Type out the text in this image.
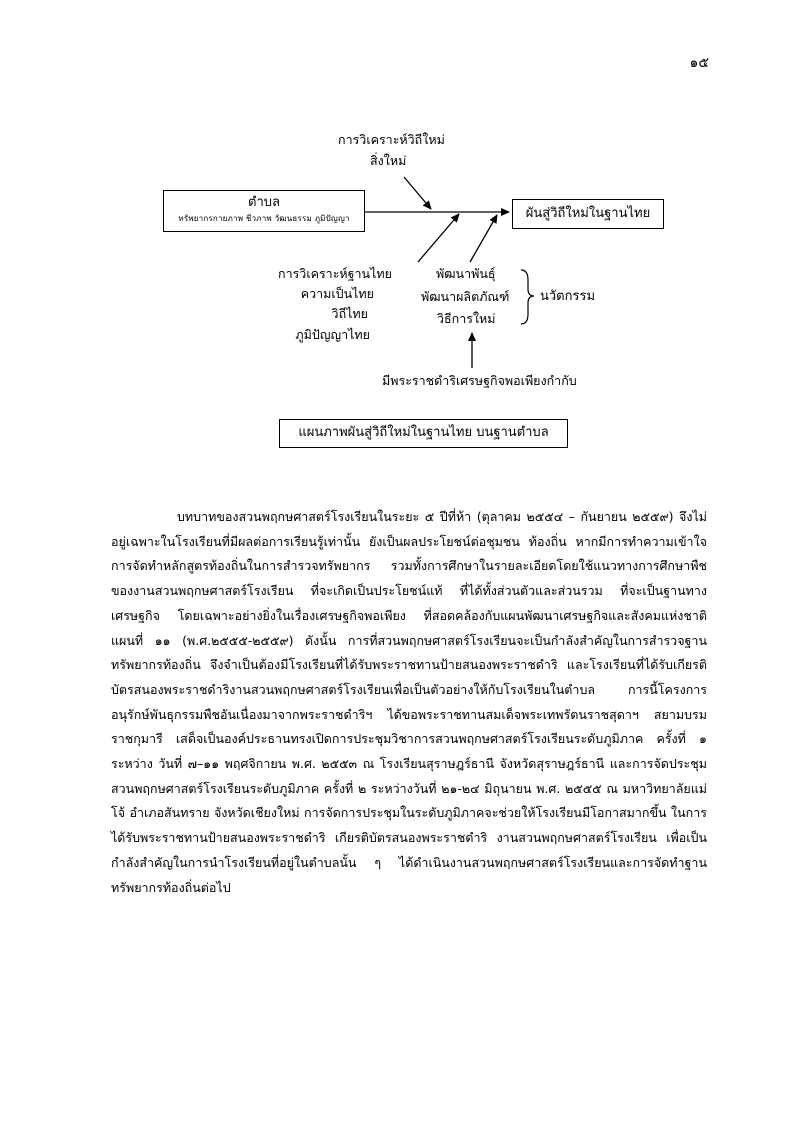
๑๕
การวิเคราะห์วิถีใหม่
สิ่งใหม่
ตำบล
ทรัพยากรกายภาพ ชีวภาพ วัฒนธรรม ภูมิปัญญา	ผันสู่วิถีใหม่ในฐานไทย
การวิเคราะห์ฐานไทย
ความเป็นไทย
วิถีไทย
ภูมิปัญญาไทย
พัฒนาพันธุ์
พัฒนาผลิตภัณฑ์
วิธีการใหม่
นวัตกรรม
มีพระราชดำริเศรษฐกิจพอเพียงกำกับ
แผนภาพผันสู่วิถีใหม่ในฐานไทย บนฐานตำบล
บทบาทของสวนพฤกษศาสตร์โรงเรียนในระยะ ๕ ปีที่ห้า (ตุลาคม ๒๕๕๔ – กันยายน ๒๕๕๙) จึงไม่อยู่เฉพาะในโรงเรียนที่มีผลต่อการเรียนรู้เท่านั้น ยังเป็นผลประโยชน์ต่อชุมชน ท้องถิ่น หากมีการทำความเข้าใจ การจัดทำหลักสูตรท้องถิ่นในการสำรวจทรัพยากร รวมทั้งการศึกษาในรายละเอียดโดยใช้แนวทางการศึกษาพืช ของงานสวนพฤกษศาสตร์โรงเรียน ที่จะเกิดเป็นประโยชน์แท้ ที่ได้ทั้งส่วนตัวและส่วนรวม ที่จะเป็นฐานทางเศรษฐกิจ โดยเฉพาะอย่างยิ่งในเรื่องเศรษฐกิจพอเพียง ที่สอดคล้องกับแผนพัฒนาเศรษฐกิจและสังคมแห่งชาติแผนที่ ๑๑ (พ.ศ.๒๕๕๕-๒๕๕๙) ดังนั้น การที่สวนพฤกษศาสตร์โรงเรียนจะเป็นกำลังสำคัญในการสำรวจฐานทรัพยากรท้องถิ่น จึงจำเป็นต้องมีโรงเรียนที่ได้รับพระราชทานป้ายสนองพระราชดำริ และโรงเรียนที่ได้รับเกียรติบัตรสนองพระราชดำริงานสวนพฤกษศาสตร์โรงเรียนเพื่อเป็นตัวอย่างให้กับโรงเรียนในตำบล การนี้โครงการอนุรักษ์พันธุกรรมพืชอันเนื่องมาจากพระราชดำริฯ ได้ขอพระราชทานสมเด็จพระเทพรัตนราชสุดาฯ สยามบรมราชกุมารี เสด็จเป็นองค์ประธานทรงเปิดการประชุมวิชาการสวนพฤกษศาสตร์โรงเรียนระดับภูมิภาค ครั้งที่ ๑ ระหว่าง วันที่ ๗–๑๑ พฤศจิกายน พ.ศ. ๒๕๕๓ ณ โรงเรียนสุราษฎร์ธานี จังหวัดสุราษฎร์ธานี และการจัดประชุมสวนพฤกษศาสตร์โรงเรียนระดับภูมิภาค ครั้งที่ ๒ ระหว่างวันที่ ๒๑-๒๔ มิถุนายน พ.ศ. ๒๕๕๕ ณ มหาวิทยาลัยแม่โจ้ อำเภอสันทราย จังหวัดเชียงใหม่ การจัดการประชุมในระดับภูมิภาคจะช่วยให้โรงเรียนมีโอกาสมากขึ้น ในการได้รับพระราชทานป้ายสนองพระราชดำริ เกียรติบัตรสนองพระราชดำริ งานสวนพฤกษศาสตร์โรงเรียน เพื่อเป็นกำลังสำคัญในการนำโรงเรียนที่อยู่ในตำบลนั้น ๆ ได้ดำเนินงานสวนพฤกษศาสตร์โรงเรียนและการจัดทำฐานทรัพยากรท้องถิ่นต่อไป
